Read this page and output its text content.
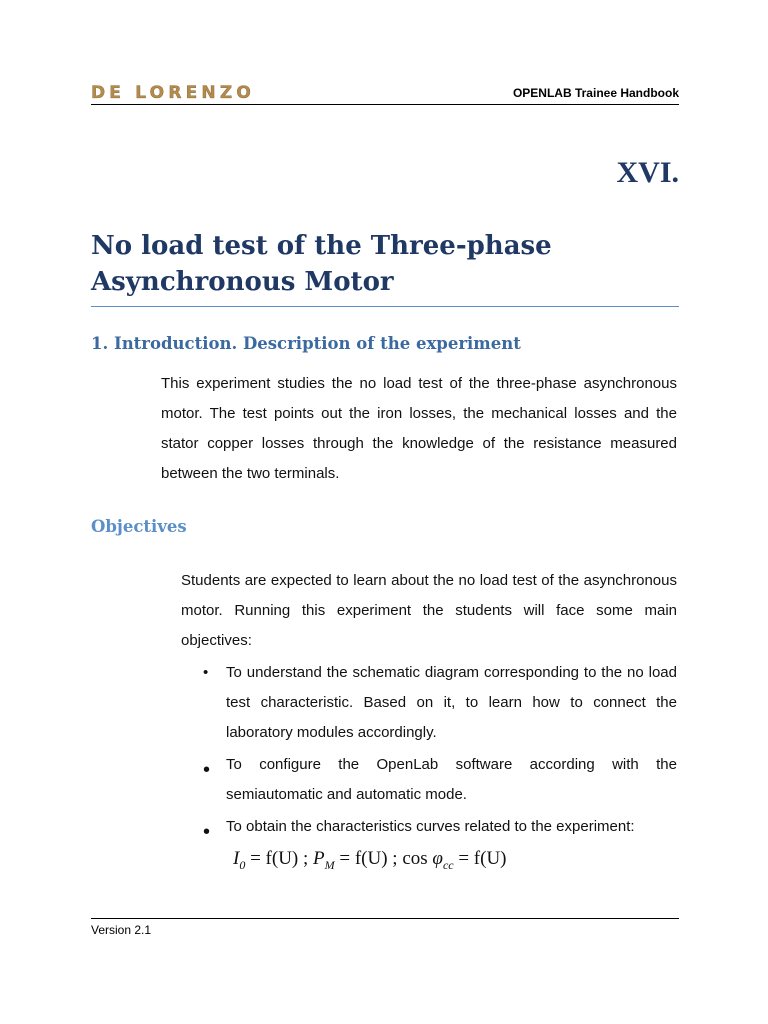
DE LORENZO	OPENLAB Trainee Handbook
XVI.
No load test of the Three-phase Asynchronous Motor
1. Introduction. Description of the experiment
This experiment studies the no load test of the three-phase asynchronous motor. The test points out the iron losses, the mechanical losses and the stator copper losses through the knowledge of the resistance measured between the two terminals.
Objectives
Students are expected to learn about the no load test of the asynchronous motor. Running this experiment the students will face some main objectives:
• To understand the schematic diagram corresponding to the no load test characteristic. Based on it, to learn how to connect the laboratory modules accordingly.
• To configure the OpenLab software according with the semiautomatic and automatic mode.
• To obtain the characteristics curves related to the experiment:
$I_0 = f(U)$ ; $P_M = f(U)$ ; $\cos \varphi_{cc} = f(U)$
Version 2.1
